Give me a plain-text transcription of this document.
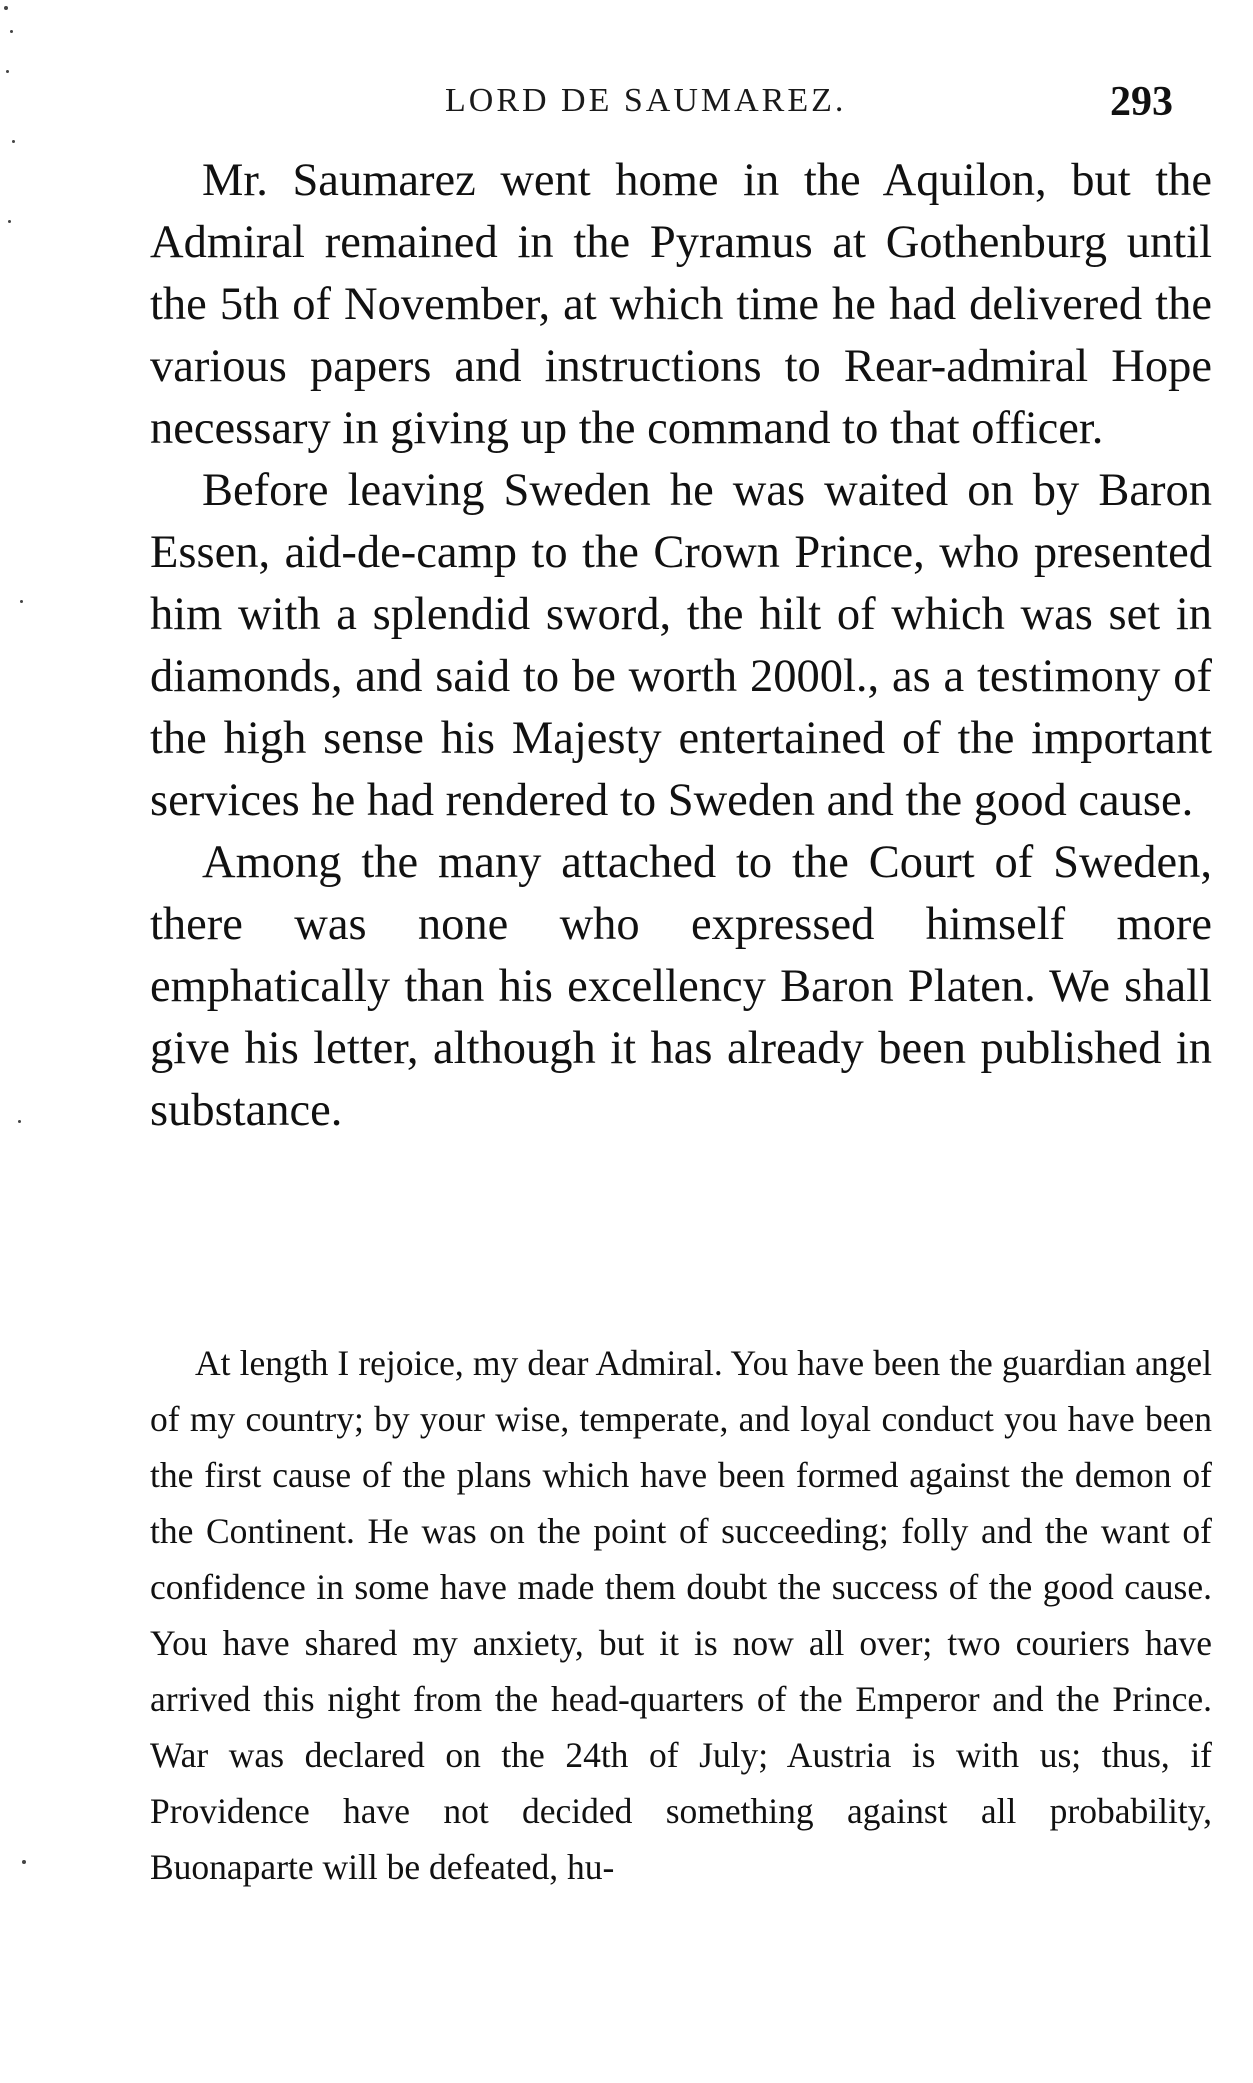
LORD DE SAUMAREZ.	293

Mr. Saumarez went home in the Aquilon, but the Admiral remained in the Pyramus at Gothenburg until the 5th of November, at which time he had delivered the various papers and instructions to Rear-admiral Hope necessary in giving up the command to that officer.

Before leaving Sweden he was waited on by Baron Essen, aid-de-camp to the Crown Prince, who presented him with a splendid sword, the hilt of which was set in diamonds, and said to be worth 2000l., as a testimony of the high sense his Majesty entertained of the important services he had rendered to Sweden and the good cause.

Among the many attached to the Court of Sweden, there was none who expressed himself more emphatically than his excellency Baron Platen. We shall give his letter, although it has already been published in substance.

At length I rejoice, my dear Admiral. You have been the guardian angel of my country; by your wise, temperate, and loyal conduct you have been the first cause of the plans which have been formed against the demon of the Continent. He was on the point of succeeding; folly and the want of confidence in some have made them doubt the success of the good cause. You have shared my anxiety, but it is now all over; two couriers have arrived this night from the head-quarters of the Emperor and the Prince. War was declared on the 24th of July; Austria is with us; thus, if Providence have not decided something against all probability, Buonaparte will be defeated, hu-
